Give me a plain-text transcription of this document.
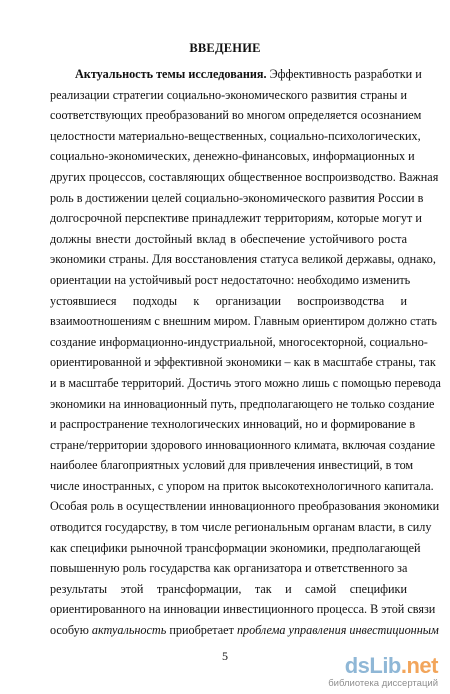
ВВЕДЕНИЕ
Актуальность темы исследования. Эффективность разработки и
реализации стратегии социально-экономического развития страны и
соответствующих преобразований во многом определяется осознанием
целостности материально-вещественных, социально-психологических,
социально-экономических, денежно-финансовых, информационных и
других процессов, составляющих общественное воспроизводство. Важная
роль в достижении целей социально-экономического развития России в
долгосрочной перспективе принадлежит территориям, которые могут и
должны внести достойный вклад в обеспечение устойчивого роста
экономики страны. Для восстановления статуса великой державы, однако,
ориентации на устойчивый рост недостаточно: необходимо изменить
устоявшиеся подходы к организации воспроизводства и
взаимоотношениям с внешним миром. Главным ориентиром должно стать
создание информационно-индустриальной, многосекторной, социально-
ориентированной и эффективной экономики – как в масштабе страны, так
и в масштабе территорий. Достичь этого можно лишь с помощью перевода
экономики на инновационный путь, предполагающего не только создание
и распространение технологических инноваций, но и формирование в
стране/территории здорового инновационного климата, включая создание
наиболее благоприятных условий для привлечения инвестиций, в том
числе иностранных, с упором на приток высокотехнологичного капитала.
Особая роль в осуществлении инновационного преобразования экономики
отводится государству, в том числе региональным органам власти, в силу
как специфики рыночной трансформации экономики, предполагающей
повышенную роль государства как организатора и ответственного за
результаты этой трансформации, так и самой специфики
ориентированного на инновации инвестиционного процесса. В этой связи
особую актуальность приобретает проблема управления инвестиционным
5	dsLib.net
библиотека диссертаций
